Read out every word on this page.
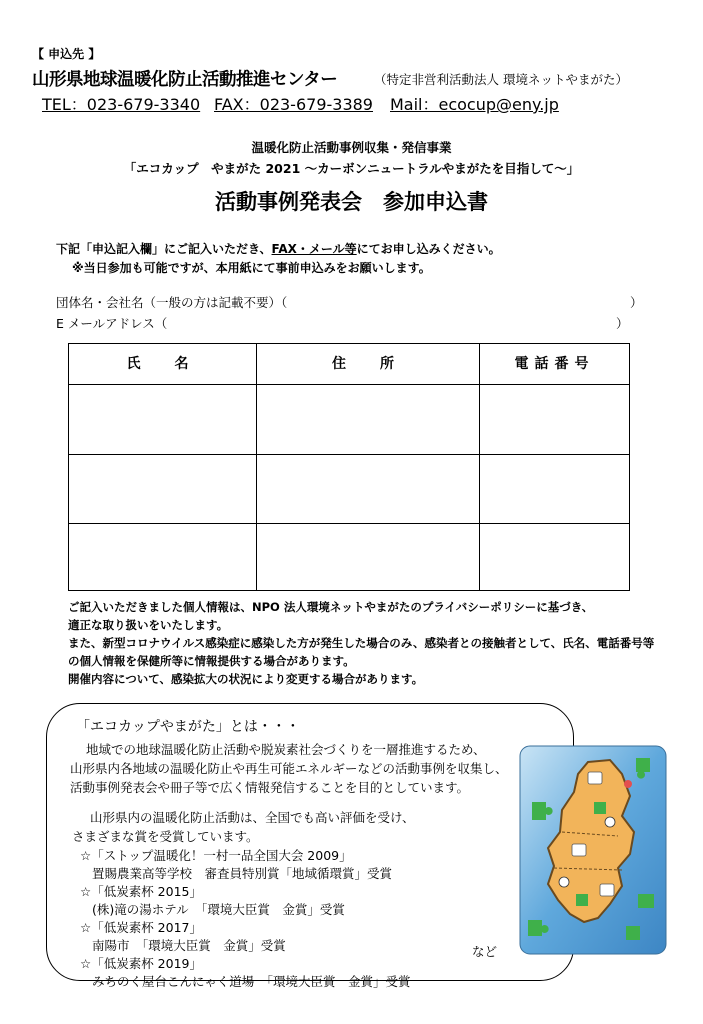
【 申込先 】
山形県地球温暖化防止活動推進センター	（特定非営利活動法人 環境ネットやまがた）
TEL：023-679-3340 FAX：023-679-3389 Mail：ecocup@eny.jp
温暖化防止活動事例収集・発信事業
「エコカップ　やまがた 2021 ～カーボンニュートラルやまがたを目指して～」
活動事例発表会　参加申込書
下記「申込記入欄」にご記入いただき、FAX・メール等にてお申し込みください。
※当日参加も可能ですが、本用紙にて事前申込みをお願いします。
団体名・会社名（一般の方は記載不要）（	）
E メールアドレス（	）
氏　名	住　所	電話番号
ご記入いただきました個人情報は、NPO 法人環境ネットやまがたのプライバシーポリシーに基づき、
適正な取り扱いをいたします。
また、新型コロナウイルス感染症に感染した方が発生した場合のみ、感染者との接触者として、氏名、電話番号等
の個人情報を保健所等に情報提供する場合があります。
開催内容について、感染拡大の状況により変更する場合があります。
「エコカップやまがた」とは・・・
地域での地球温暖化防止活動や脱炭素社会づくりを一層推進するため、
山形県内各地域の温暖化防止や再生可能エネルギーなどの活動事例を収集し、
活動事例発表会や冊子等で広く情報発信することを目的としています。
山形県内の温暖化防止活動は、全国でも高い評価を受け、
さまざまな賞を受賞しています。
☆「ストップ温暖化！一村一品全国大会 2009」
置賜農業高等学校　審査員特別賞「地域循環賞」受賞
☆「低炭素杯 2015」
(株)滝の湯ホテル　「環境大臣賞　金賞」受賞
☆「低炭素杯 2017」
南陽市　「環境大臣賞　金賞」受賞
☆「低炭素杯 2019」
みちのく屋台こんにゃく道場　「環境大臣賞　金賞」受賞
など
